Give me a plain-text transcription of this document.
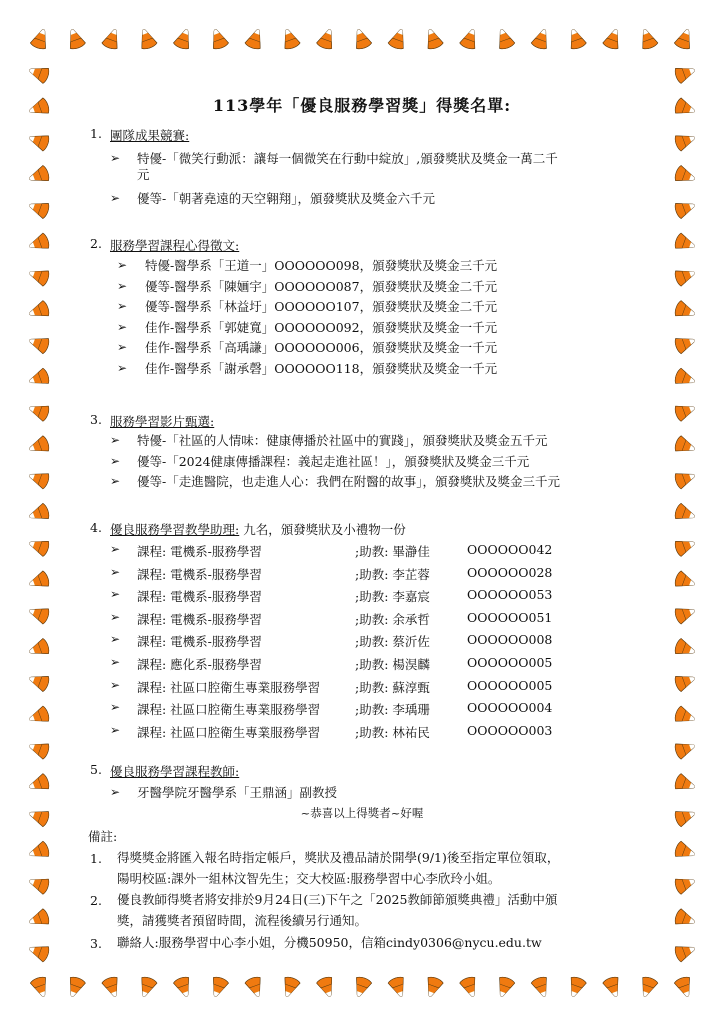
113學年「優良服務學習獎」得獎名單:
1. 團隊成果競賽:
➢ 特優-「微笑行動派：讓每一個微笑在行動中綻放」,頒發獎狀及獎金一萬二千
元
➢ 優等-「朝著堯遠的天空翱翔」，頒發獎狀及獎金六千元
2. 服務學習課程心得徵文:
➢ 特優-醫學系「王道一」OOOOOO098，頒發獎狀及獎金三千元
➢ 優等-醫學系「陳婳宇」OOOOOO087，頒發獎狀及獎金二千元
➢ 優等-醫學系「林益圩」OOOOOO107，頒發獎狀及獎金二千元
➢ 佳作-醫學系「郭婕寬」OOOOOO092，頒發獎狀及獎金一千元
➢ 佳作-醫學系「高瑀謙」OOOOOO006，頒發獎狀及獎金一千元
➢ 佳作-醫學系「謝承磬」OOOOOO118，頒發獎狀及獎金一千元
3. 服務學習影片甄選:
➢ 特優-「社區的人情味：健康傳播於社區中的實踐」，頒發獎狀及獎金五千元
➢ 優等-「2024健康傳播課程：義起走進社區！」，頒發獎狀及獎金三千元
➢ 優等-「走進醫院，也走進人心：我們在附醫的故事」，頒發獎狀及獎金三千元
4. 優良服務學習教學助理: 九名，頒發獎狀及小禮物一份
➢ 課程: 電機系-服務學習	;助教: 畢瀞佳	OOOOOO042
➢ 課程: 電機系-服務學習	;助教: 李芷蓉	OOOOOO028
➢ 課程: 電機系-服務學習	;助教: 李嘉宸	OOOOOO053
➢ 課程: 電機系-服務學習	;助教: 余承哲	OOOOOO051
➢ 課程: 電機系-服務學習	;助教: 蔡沂佐	OOOOOO008
➢ 課程: 應化系-服務學習	;助教: 楊淏麟	OOOOOO005
➢ 課程: 社區口腔衛生專業服務學習	;助教: 蘇淳甄	OOOOOO005
➢ 課程: 社區口腔衛生專業服務學習	;助教: 李瑀珊	OOOOOO004
➢ 課程: 社區口腔衛生專業服務學習	;助教: 林祐民	OOOOOO003
5. 優良服務學習課程教師:
➢ 牙醫學院牙醫學系「王鼎涵」副教授
~恭喜以上得獎者~好喔
備註:
1. 得獎獎金將匯入報名時指定帳戶，獎狀及禮品請於開學(9/1)後至指定單位領取，
陽明校區:課外一組林汶智先生；交大校區:服務學習中心李欣玲小姐。
2. 優良教師得獎者將安排於9月24日(三)下午之「2025教師節頒獎典禮」活動中頒
獎，請獲獎者預留時間，流程後續另行通知。
3. 聯絡人:服務學習中心李小姐，分機50950，信箱cindy0306@nycu.edu.tw
